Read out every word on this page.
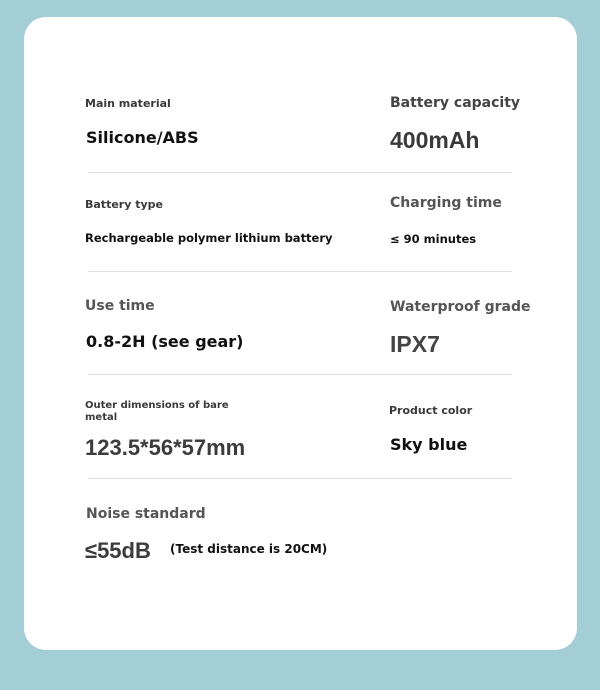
Main material
Silicone/ABS
Battery capacity
400mAh
Battery type
Rechargeable polymer lithium battery
Charging time
≤ 90 minutes
Use time
0.8-2H (see gear)
Waterproof grade
IPX7
Outer dimensions of bare
metal
123.5*56*57mm
Product color
Sky blue
Noise standard
≤55dB (Test distance is 20CM)
